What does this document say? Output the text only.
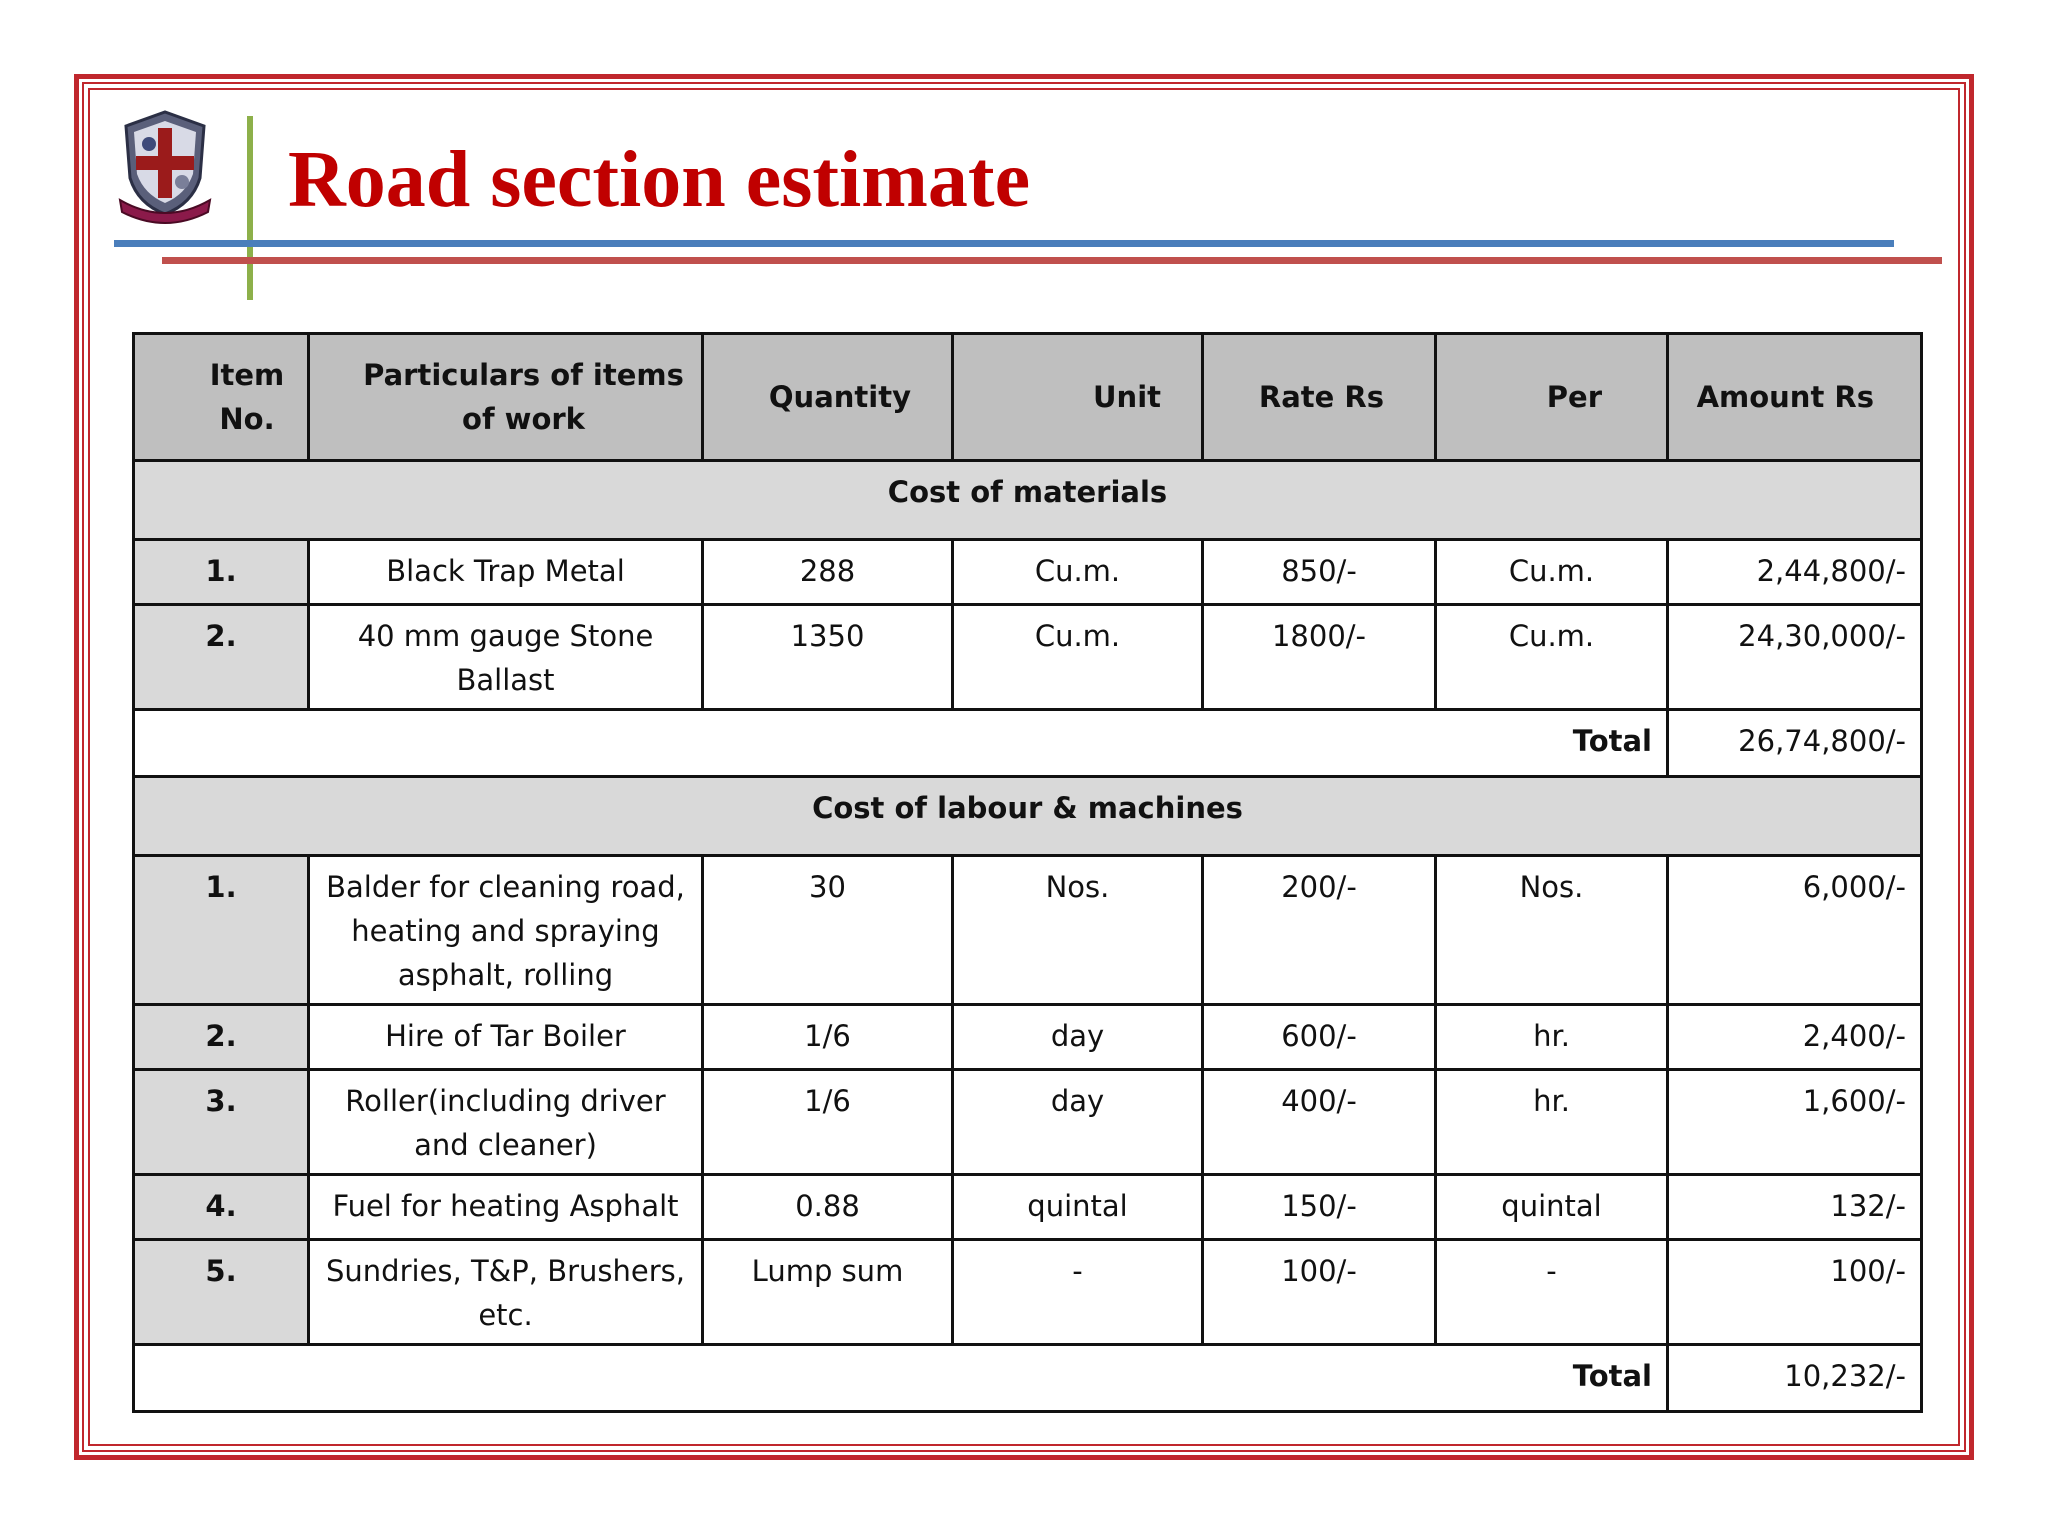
Road section estimate
Item No.	Particulars of items of work	Quantity	Unit	Rate Rs	Per	Amount Rs
Cost of materials						
1.	Black Trap Metal	288	Cu.m.	850/-	Cu.m.	2,44,800/-
2.	40 mm gauge Stone Ballast	1350	Cu.m.	1800/-	Cu.m.	24,30,000/-
Total						26,74,800/-
Cost of labour & machines						
1.	Balder for cleaning road, heating and spraying asphalt, rolling	30	Nos.	200/-	Nos.	6,000/-
2.	Hire of Tar Boiler	1/6	day	600/-	hr.	2,400/-
3.	Roller(including driver and cleaner)	1/6	day	400/-	hr.	1,600/-
4.	Fuel for heating Asphalt	0.88	quintal	150/-	quintal	132/-
5.	Sundries, T&P, Brushers, etc.	Lump sum	-	100/-	-	100/-
Total						10,232/-
